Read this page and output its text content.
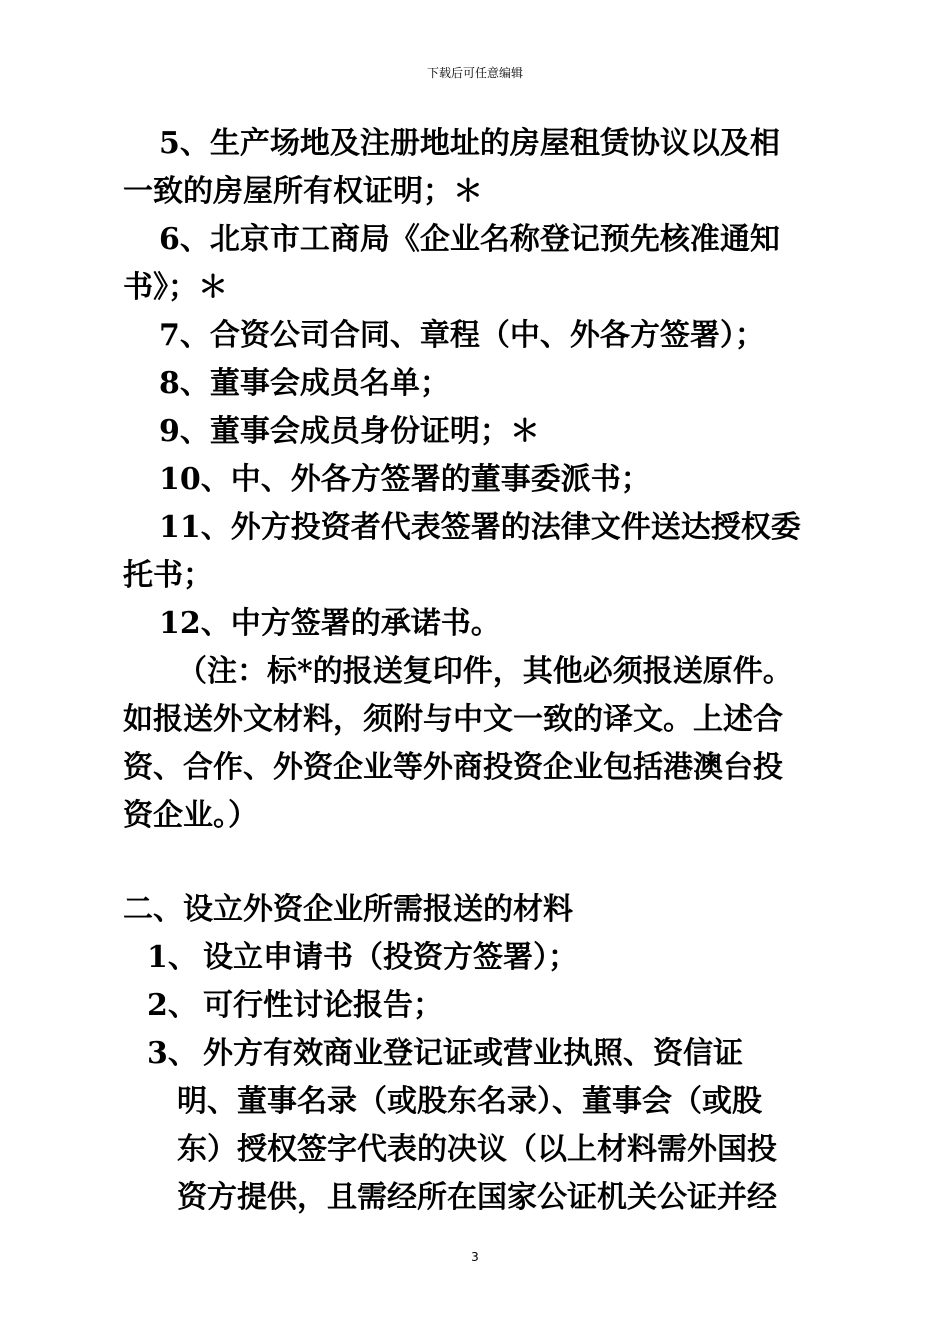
下载后可任意编辑
5、生产场地及注册地址的房屋租赁协议以及相
一致的房屋所有权证明；＊
6、北京市工商局《企业名称登记预先核准通知
书》；＊
7、合资公司合同、章程（中、外各方签署）；
8、董事会成员名单；
9、董事会成员身份证明；＊
10、中、外各方签署的董事委派书；
11、外方投资者代表签署的法律文件送达授权委
托书；
12、中方签署的承诺书。
（注：标*的报送复印件，其他必须报送原件。
如报送外文材料，须附与中文一致的译文。上述合
资、合作、外资企业等外商投资企业包括港澳台投
资企业。）
二、设立外资企业所需报送的材料
1、 设立申请书（投资方签署）；
2、 可行性讨论报告；
3、 外方有效商业登记证或营业执照、资信证
明、董事名录（或股东名录）、董事会（或股
东）授权签字代表的决议（以上材料需外国投
资方提供，且需经所在国家公证机关公证并经
3
